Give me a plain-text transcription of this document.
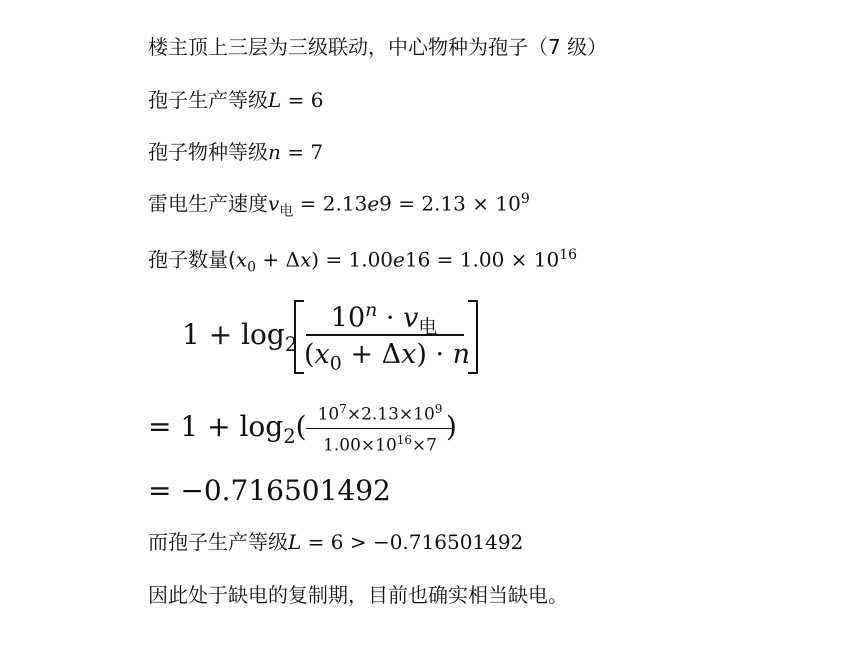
楼主顶上三层为三级联动，中心物种为孢子（7 级）
孢子生产等级L = 6
孢子物种等级n = 7
雷电生产速度$v_电 = 2.13e9 = 2.13 \times 10^9$
孢子数量$(x_0 + \Delta x) = 1.00e16 = 1.00 \times 10^{16}$
$1 + \log_2$
$10^n \cdot v_电$
$(x_0 + \Delta x) \cdot n$
= $1 + \log_2$( $10^7\times 2.13\times 10^9$
$1.00\times 10^{16}\times 7$
)
= −0.716501492
而孢子生产等级L = 6 > −0.716501492
因此处于缺电的复制期，目前也确实相当缺电。
